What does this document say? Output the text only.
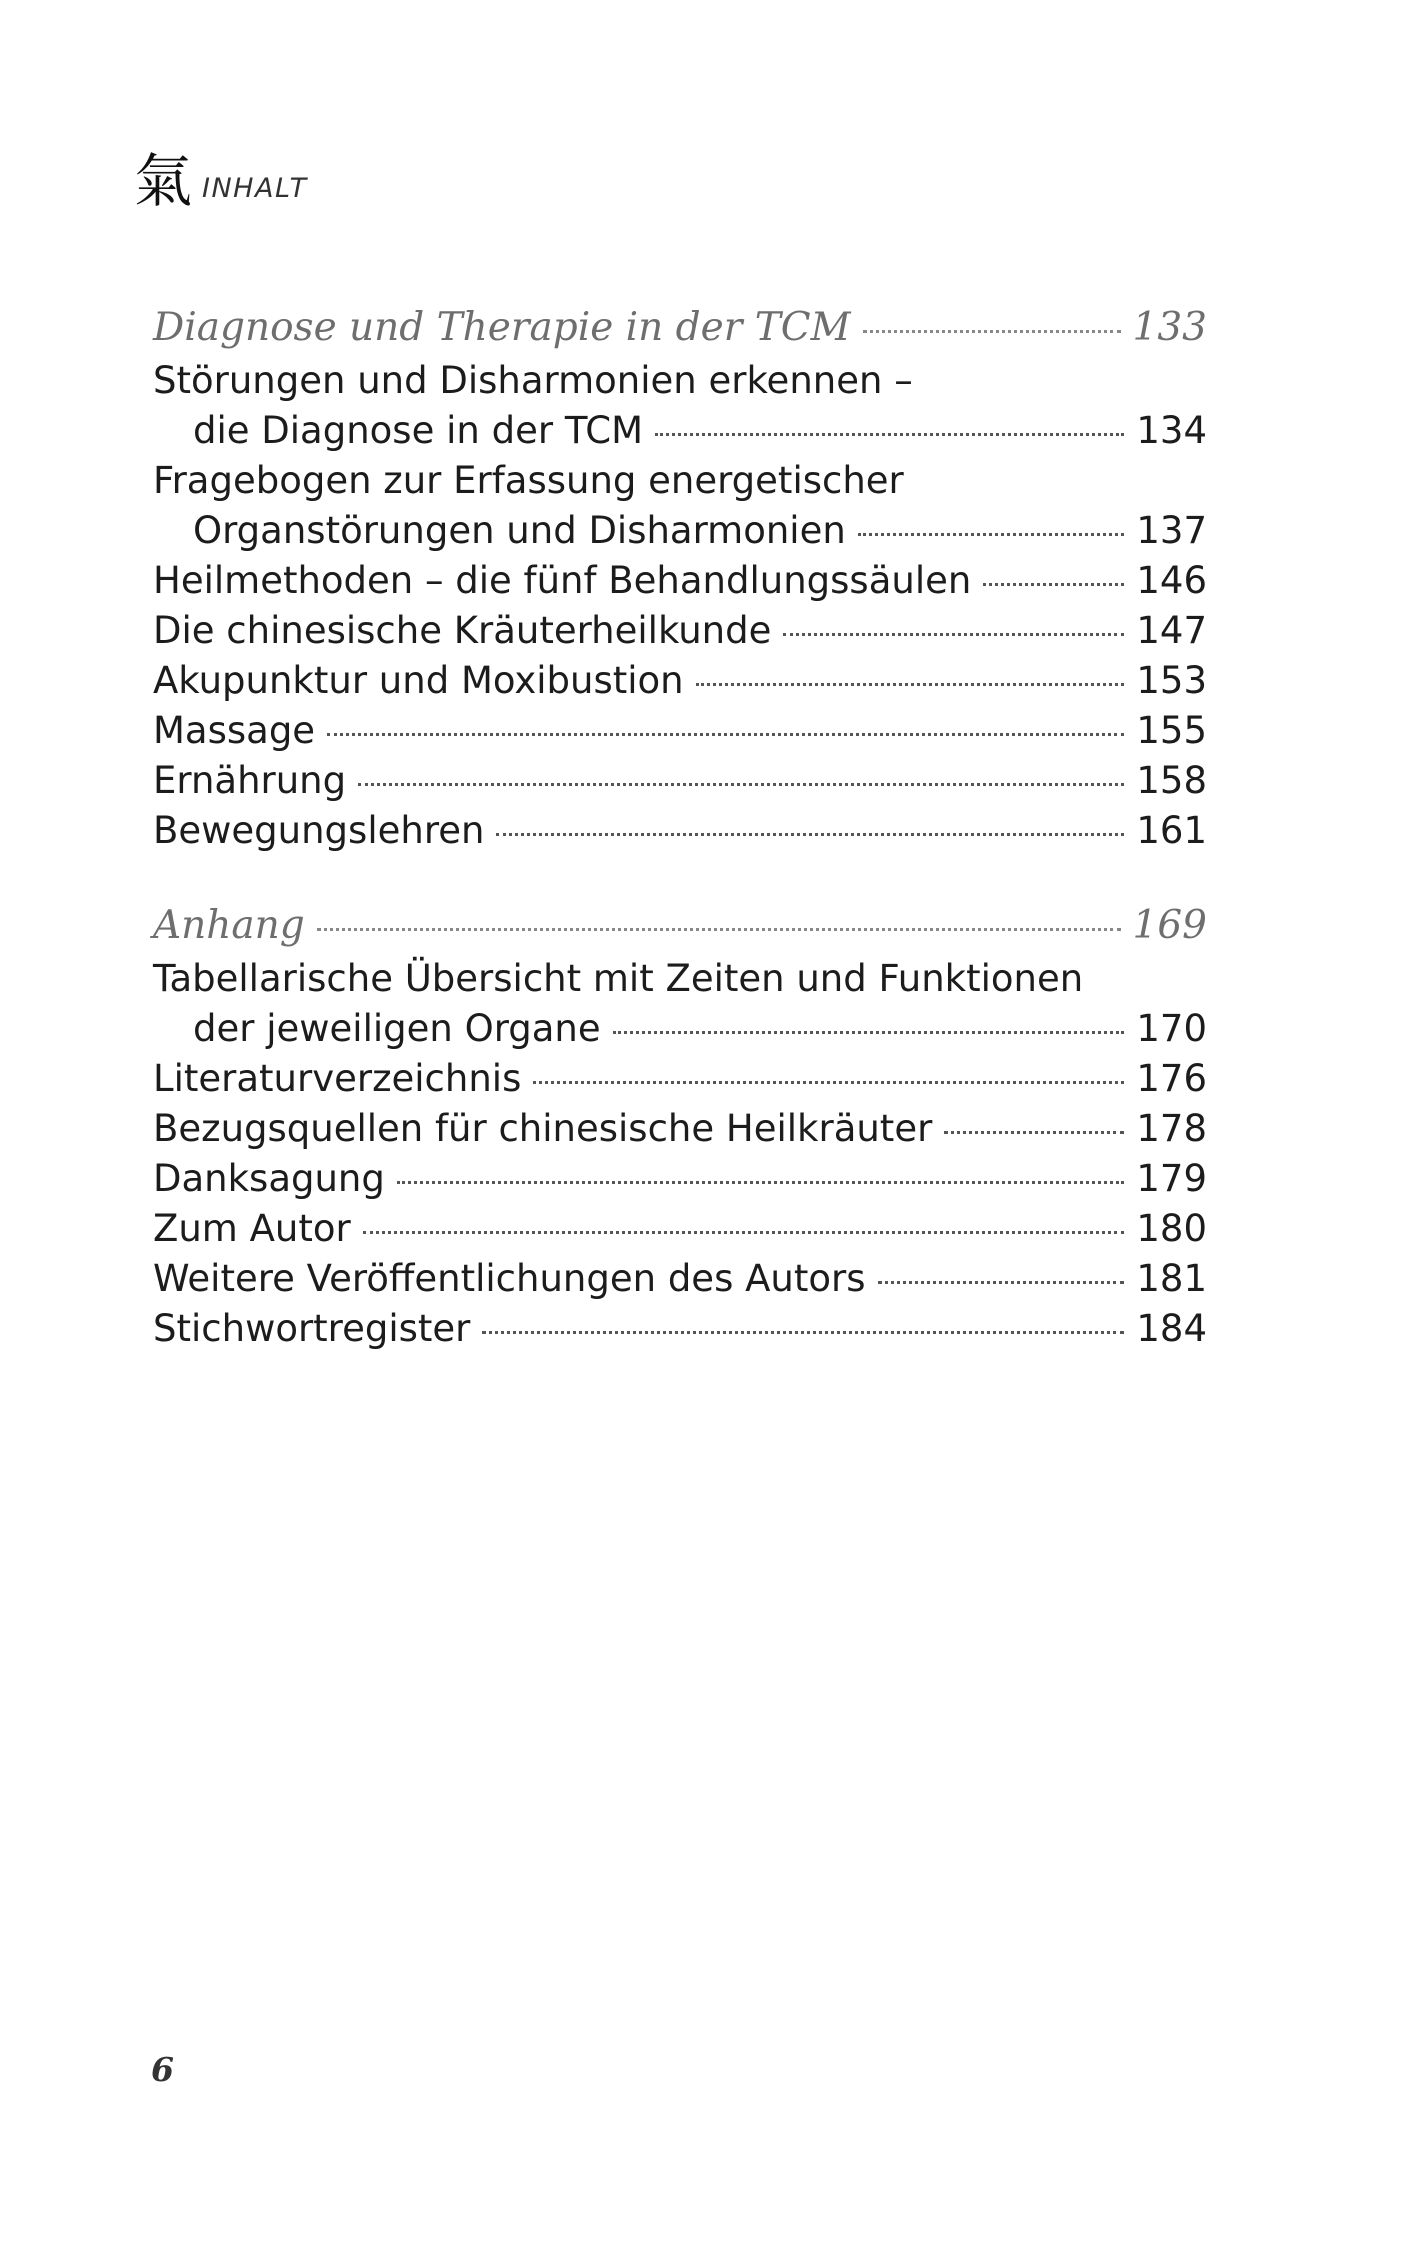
氣 INHALT
Diagnose und Therapie in der TCM	133
Störungen und Disharmonien erkennen –
die Diagnose in der TCM	134
Fragebogen zur Erfassung energetischer
Organstörungen und Disharmonien	137
Heilmethoden – die fünf Behandlungssäulen	146
Die chinesische Kräuterheilkunde	147
Akupunktur und Moxibustion	153
Massage	155
Ernährung	158
Bewegungslehren	161
Anhang	169
Tabellarische Übersicht mit Zeiten und Funktionen
der jeweiligen Organe	170
Literaturverzeichnis	176
Bezugsquellen für chinesische Heilkräuter	178
Danksagung	179
Zum Autor	180
Weitere Veröffentlichungen des Autors	181
Stichwortregister	184
6
